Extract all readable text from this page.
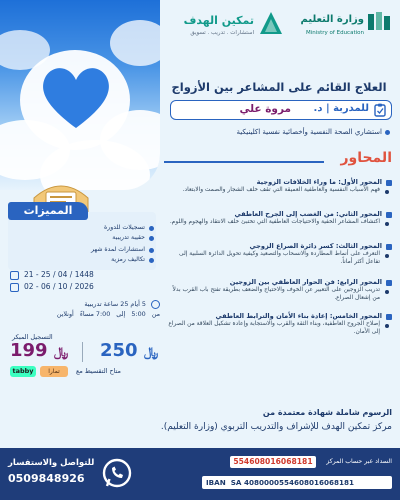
وزارة التعليم
Ministry of Education
تمكين الهدف
استشارات . تدريب . تسويق
العلاج القائم على المشاعر بين الأزواج
للمدربة | د.
مروة علي
استشاري الصحة النفسية وأخصائية نفسية اكلينيكية
المحاور
المحور الأول: ما وراء الخلافات الزوجية
فهم الأسباب النفسية والعاطفية العميقة التي تقف خلف الشجار والصمت والابتعاد.
المحور الثاني: من الغضب إلى الجرح العاطفي
اكتشاف المشاعر الخفية والاحتياجات العاطفية التي تختبئ خلف الانتقاد والهجوم واللوم.
المحور الثالث: كسر دائرة الصراع الزوجي
التعرف على أنماط المطاردة والانسحاب والتصعيد وكيفية تحويل الدائرة السلبية إلى تفاعل أكثر أماناً.
المحور الرابع: فن الحوار العاطفي بين الزوجين
تدريب الزوجين على التعبير عن الخوف والاحتياج والضعف بطريقة تفتح باب القرب بدلاً من إشعال الصراع.
المحور الخامس: إعادة بناء الأمان والترابط العاطفي
إصلاح الجروح العاطفية، وبناء الثقة والقرب والاستجابة وإعادة تشكيل العلاقة من الصراع إلى الأمان.
المميزات
تسجيلات للدورة
حقيبة تدريبية
استشارات لمدة شهر
تكاليف رمزية
21 - 25 / 04 / 1448
02 - 06 / 10 / 2026
5 أيام 25 ساعة تدريبية
من5:00إلى7:00 مساءًأونلاين
التسجيل المبكر
199 ﷼ 250 ﷼
tabby	تمارا	متاح التقسيط مع
الرسوم شاملة شهادة معتمدة من
مركز تمكين الهدف للإشراف والتدريب التربوي (وزارة التعليم).
للتواصل والاستفسار
0509848926
السداد عبر حساب المركز
554608016068181
IBAN SA 4080000554608016068181
